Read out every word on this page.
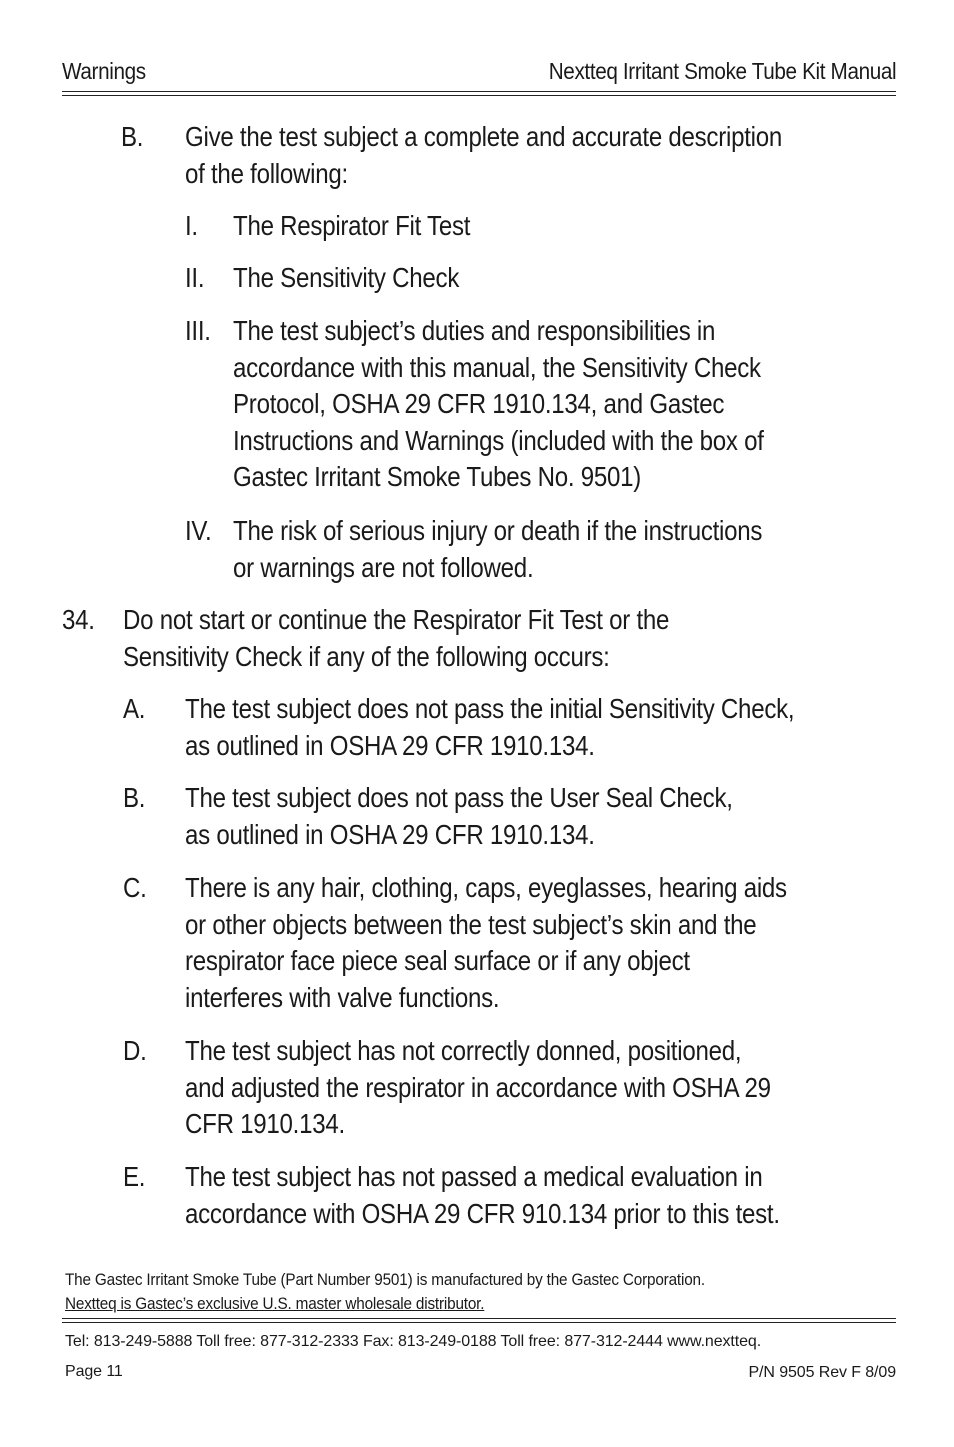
Warnings	Nextteq Irritant Smoke Tube Kit Manual
B. Give the test subject a complete and accurate description
of the following:
I. The Respirator Fit Test
II. The Sensitivity Check
III. The test subject’s duties and responsibilities in
accordance with this manual, the Sensitivity Check
Protocol, OSHA 29 CFR 1910.134, and Gastec
Instructions and Warnings (included with the box of
Gastec Irritant Smoke Tubes No. 9501)
IV. The risk of serious injury or death if the instructions
or warnings are not followed.
34. Do not start or continue the Respirator Fit Test or the
Sensitivity Check if any of the following occurs:
A. The test subject does not pass the initial Sensitivity Check,
as outlined in OSHA 29 CFR 1910.134.
B. The test subject does not pass the User Seal Check,
as outlined in OSHA 29 CFR 1910.134.
C. There is any hair, clothing, caps, eyeglasses, hearing aids
or other objects between the test subject’s skin and the
respirator face piece seal surface or if any object
interferes with valve functions.
D. The test subject has not correctly donned, positioned,
and adjusted the respirator in accordance with OSHA 29
CFR 1910.134.
E. The test subject has not passed a medical evaluation in
accordance with OSHA 29 CFR 910.134 prior to this test.
The Gastec Irritant Smoke Tube (Part Number 9501) is manufactured by the Gastec Corporation.
Nextteq is Gastec’s exclusive U.S. master wholesale distributor.
Tel: 813-249-5888 Toll free: 877-312-2333 Fax: 813-249-0188 Toll free: 877-312-2444 www.nextteq.
Page 11	P/N 9505 Rev F 8/09
